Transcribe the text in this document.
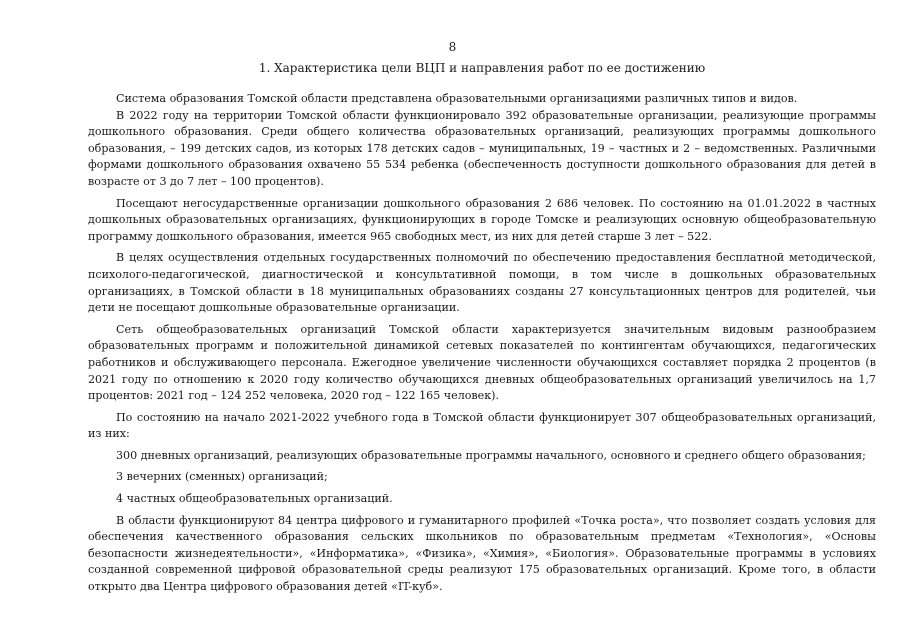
8
1. Характеристика цели ВЦП и направления работ по ее достижению

Система образования Томской области представлена образовательными организациями различных типов и видов.

В 2022 году на территории Томской области функционировало 392 образовательные организации, реализующие программы дошкольного образования. Среди общего количества образовательных организаций, реализующих программы дошкольного образования, – 199 детских садов, из которых 178 детских садов – муниципальных, 19 – частных и 2 – ведомственных. Различными формами дошкольного образования охвачено 55 534 ребенка (обеспеченность доступности дошкольного образования для детей в возрасте от 3 до 7 лет – 100 процентов).

Посещают негосударственные организации дошкольного образования 2 686 человек. По состоянию на 01.01.2022 в частных дошкольных образовательных организациях, функционирующих в городе Томске и реализующих основную общеобразовательную программу дошкольного образования, имеется 965 свободных мест, из них для детей старше 3 лет – 522.

В целях осуществления отдельных государственных полномочий по обеспечению предоставления бесплатной методической, психолого-педагогической, диагностической и консультативной помощи, в том числе в дошкольных образовательных организациях, в Томской области в 18 муниципальных образованиях созданы 27 консультационных центров для родителей, чьи дети не посещают дошкольные образовательные организации.

Сеть общеобразовательных организаций Томской области характеризуется значительным видовым разнообразием образовательных программ и положительной динамикой сетевых показателей по контингентам обучающихся, педагогических работников и обслуживающего персонала. Ежегодное увеличение численности обучающихся составляет порядка 2 процентов (в 2021 году по отношению к 2020 году количество обучающихся дневных общеобразовательных организаций увеличилось на 1,7 процентов: 2021 год – 124 252 человека, 2020 год – 122 165 человек).

По состоянию на начало 2021-2022 учебного года в Томской области функционирует 307 общеобразовательных организаций, из них:

300 дневных организаций, реализующих образовательные программы начального, основного и среднего общего образования;

3 вечерних (сменных) организаций;

4 частных общеобразовательных организаций.

В области функционируют 84 центра цифрового и гуманитарного профилей «Точка роста», что позволяет создать условия для обеспечения качественного образования сельских школьников по образовательным предметам «Технология», «Основы безопасности жизнедеятельности», «Информатика», «Физика», «Химия», «Биология». Образовательные программы в условиях созданной современной цифровой образовательной среды реализуют 175 образовательных организаций. Кроме того, в области открыто два Центра цифрового образования детей «IT-куб».
